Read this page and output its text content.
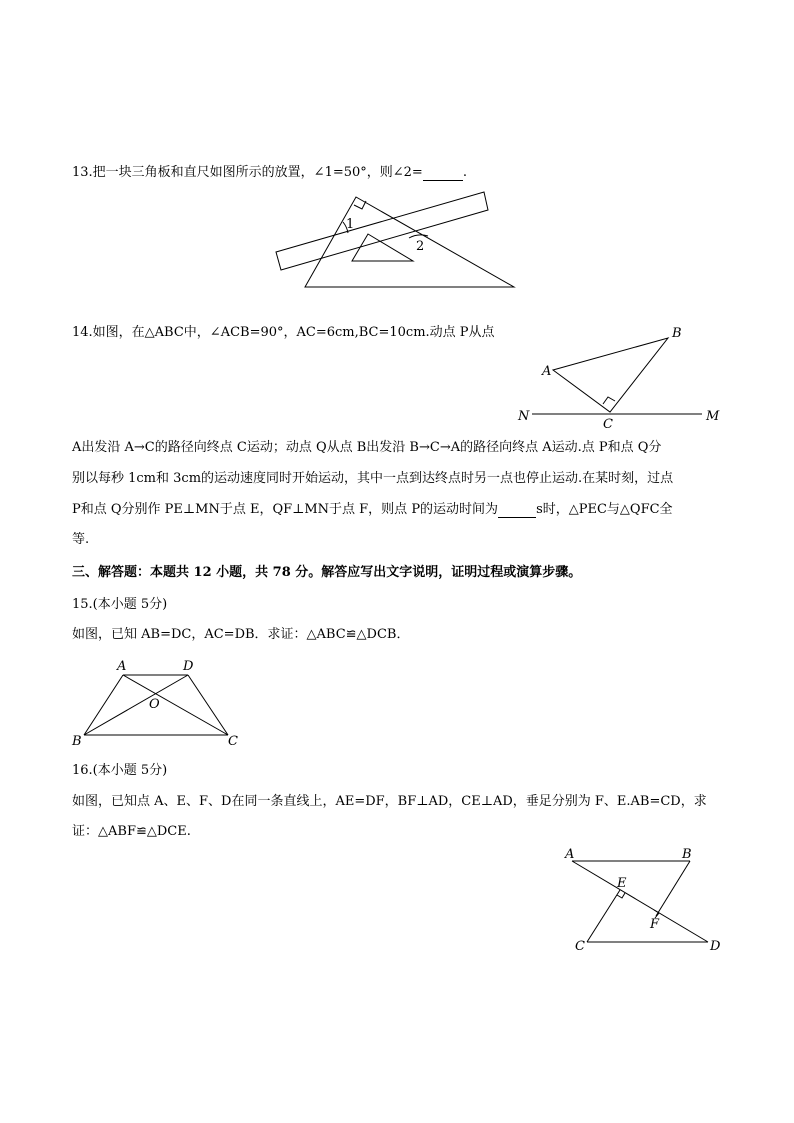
13.把一块三角板和直尺如图所示的放置，∠1=50°，则∠2=	.
1
2
14.如图，在△ABC中，∠ACB=90°，AC=6cm,BC=10cm.动点 P从点	B
A
C
N	M
A出发沿 A→C的路径向终点 C运动；动点 Q从点 B出发沿 B→C→A的路径向终点 A运动.点 P和点 Q分
别以每秒 1cm和 3cm的运动速度同时开始运动，其中一点到达终点时另一点也停止运动.在某时刻，过点
P和点 Q分别作 PE⊥MN于点 E，QF⊥MN于点 F，则点 P的运动时间为	s时，△PEC与△QFC全
等.
三、解答题：本题共 12 小题，共 78 分。解答应写出文字说明，证明过程或演算步骤。
15.(本小题 5分)
如图，已知 AB=DC，AC=DB．求证：△ABC≌△DCB．
A	D
O
B	C
16.(本小题 5分)
如图，已知点 A、E、F、D在同一条直线上，AE=DF，BF⊥AD，CE⊥AD，垂足分别为 F、E.AB=CD，求
证：△ABF≌△DCE.
A	B
E
F
C	D
